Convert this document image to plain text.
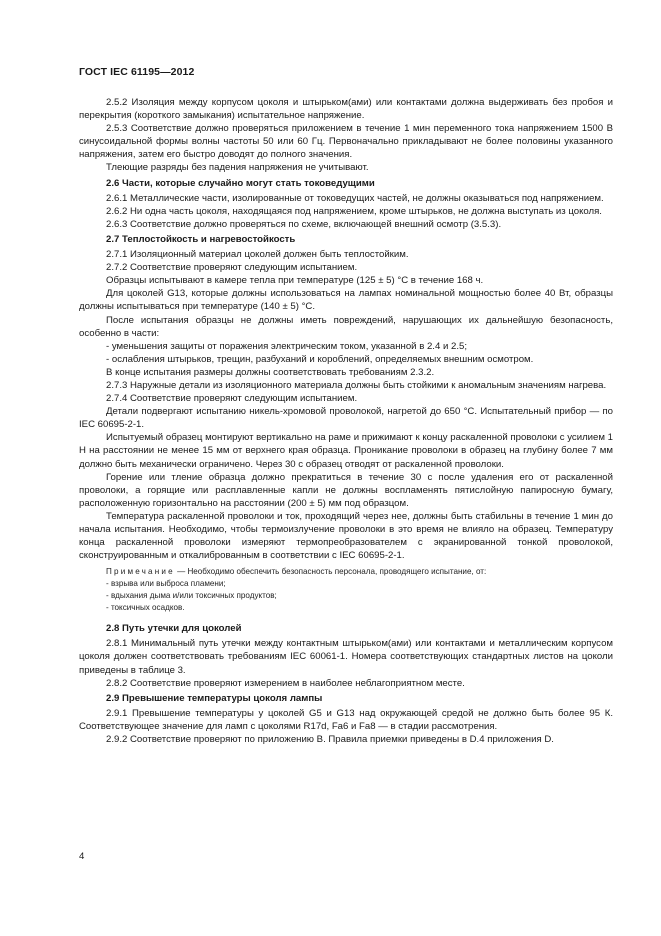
ГОСТ IEC 61195—2012

2.5.2 Изоляция между корпусом цоколя и штырьком(ами) или контактами должна выдерживать без пробоя и перекрытия (короткого замыкания) испытательное напряжение.

2.5.3 Соответствие должно проверяться приложением в течение 1 мин переменного тока напряжением 1500 В синусоидальной формы волны частоты 50 или 60 Гц. Первоначально прикладывают не более половины указанного напряжения, затем его быстро доводят до полного значения.

Тлеющие разряды без падения напряжения не учитывают.

2.6 Части, которые случайно могут стать токоведущими

2.6.1 Металлические части, изолированные от токоведущих частей, не должны оказываться под напряжением.

2.6.2 Ни одна часть цоколя, находящаяся под напряжением, кроме штырьков, не должна выступать из цоколя.

2.6.3 Соответствие должно проверяться по схеме, включающей внешний осмотр (3.5.3).

2.7 Теплостойкость и нагревостойкость

2.7.1 Изоляционный материал цоколей должен быть теплостойким.

2.7.2 Соответствие проверяют следующим испытанием.

Образцы испытывают в камере тепла при температуре (125 ± 5) °С в течение 168 ч.

Для цоколей G13, которые должны использоваться на лампах номинальной мощностью более 40 Вт, образцы должны испытываться при температуре (140 ± 5) °С.

После испытания образцы не должны иметь повреждений, нарушающих их дальнейшую безопасность, особенно в части:

- уменьшения защиты от поражения электрическим током, указанной в 2.4 и 2.5;

- ослабления штырьков, трещин, разбуханий и короблений, определяемых внешним осмотром.

В конце испытания размеры должны соответствовать требованиям 2.3.2.

2.7.3 Наружные детали из изоляционного материала должны быть стойкими к аномальным значениям нагрева.

2.7.4 Соответствие проверяют следующим испытанием.

Детали подвергают испытанию никель-хромовой проволокой, нагретой до 650 °С. Испытательный прибор — по IEC 60695-2-1.

Испытуемый образец монтируют вертикально на раме и прижимают к концу раскаленной проволоки с усилием 1 Н на расстоянии не менее 15 мм от верхнего края образца. Проникание проволоки в образец на глубину более 7 мм должно быть механически ограничено. Через 30 с образец отводят от раскаленной проволоки.

Горение или тление образца должно прекратиться в течение 30 с после удаления его от раскаленной проволоки, а горящие или расплавленные капли не должны воспламенять пятислойную папиросную бумагу, расположенную горизонтально на расстоянии (200 ± 5) мм под образцом.

Температура раскаленной проволоки и ток, проходящий через нее, должны быть стабильны в течение 1 мин до начала испытания. Необходимо, чтобы термоизлучение проволоки в это время не влияло на образец. Температуру конца раскаленной проволоки измеряют термопреобразователем с экранированной тонкой проволокой, сконструированным и откалиброванным в соответствии с IEC 60695-2-1.

Примечание — Необходимо обеспечить безопасность персонала, проводящего испытание, от:

- взрыва или выброса пламени;

- вдыхания дыма и/или токсичных продуктов;

- токсичных осадков.

2.8 Путь утечки для цоколей

2.8.1 Минимальный путь утечки между контактным штырьком(ами) или контактами и металлическим корпусом цоколя должен соответствовать требованиям IEC 60061-1. Номера соответствующих стандартных листов на цоколи приведены в таблице 3.

2.8.2 Соответствие проверяют измерением в наиболее неблагоприятном месте.

2.9 Превышение температуры цоколя лампы

2.9.1 Превышение температуры у цоколей G5 и G13 над окружающей средой не должно быть более 95 К. Соответствующее значение для ламп с цоколями R17d, Fa6 и Fa8 — в стадии рассмотрения.

2.9.2 Соответствие проверяют по приложению В. Правила приемки приведены в D.4 приложения D.

4
